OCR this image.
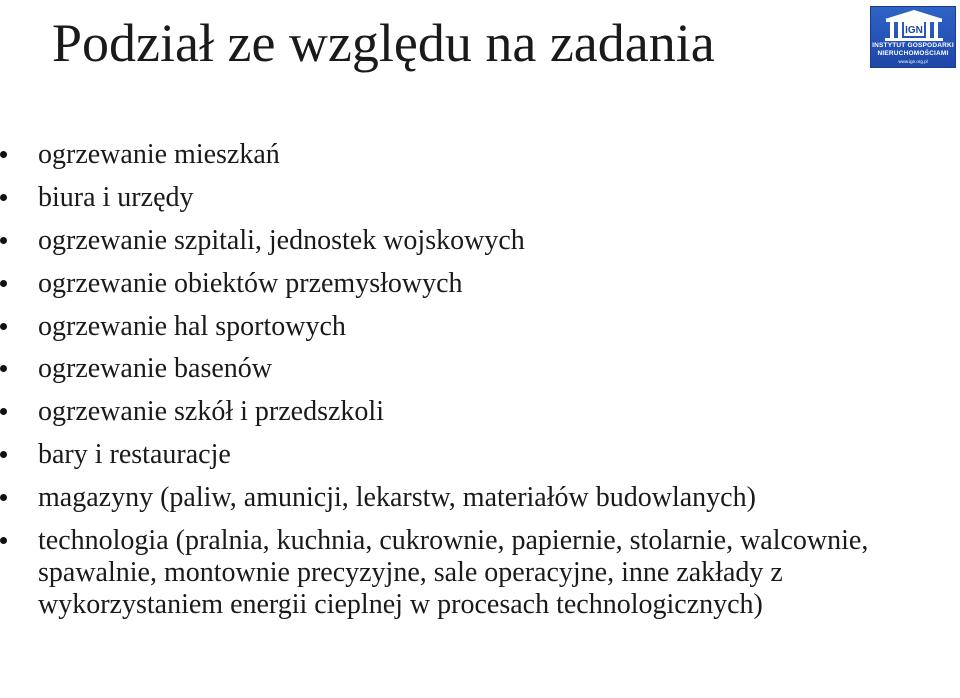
Podział ze względu na zadania	IGN
INSTYTUT GOSPODARKI
NIERUCHOMOŚCIAMI
www.ign.org.pl
ogrzewanie mieszkań
biura i urzędy
ogrzewanie szpitali, jednostek wojskowych
ogrzewanie obiektów przemysłowych
ogrzewanie hal sportowych
ogrzewanie basenów
ogrzewanie szkół i przedszkoli
bary i restauracje
magazyny (paliw, amunicji, lekarstw, materiałów budowlanych)
technologia (pralnia, kuchnia, cukrownie, papiernie, stolarnie, walcownie, spawalnie, montownie precyzyjne, sale operacyjne, inne zakłady z wykorzystaniem energii cieplnej w procesach technologicznych)
